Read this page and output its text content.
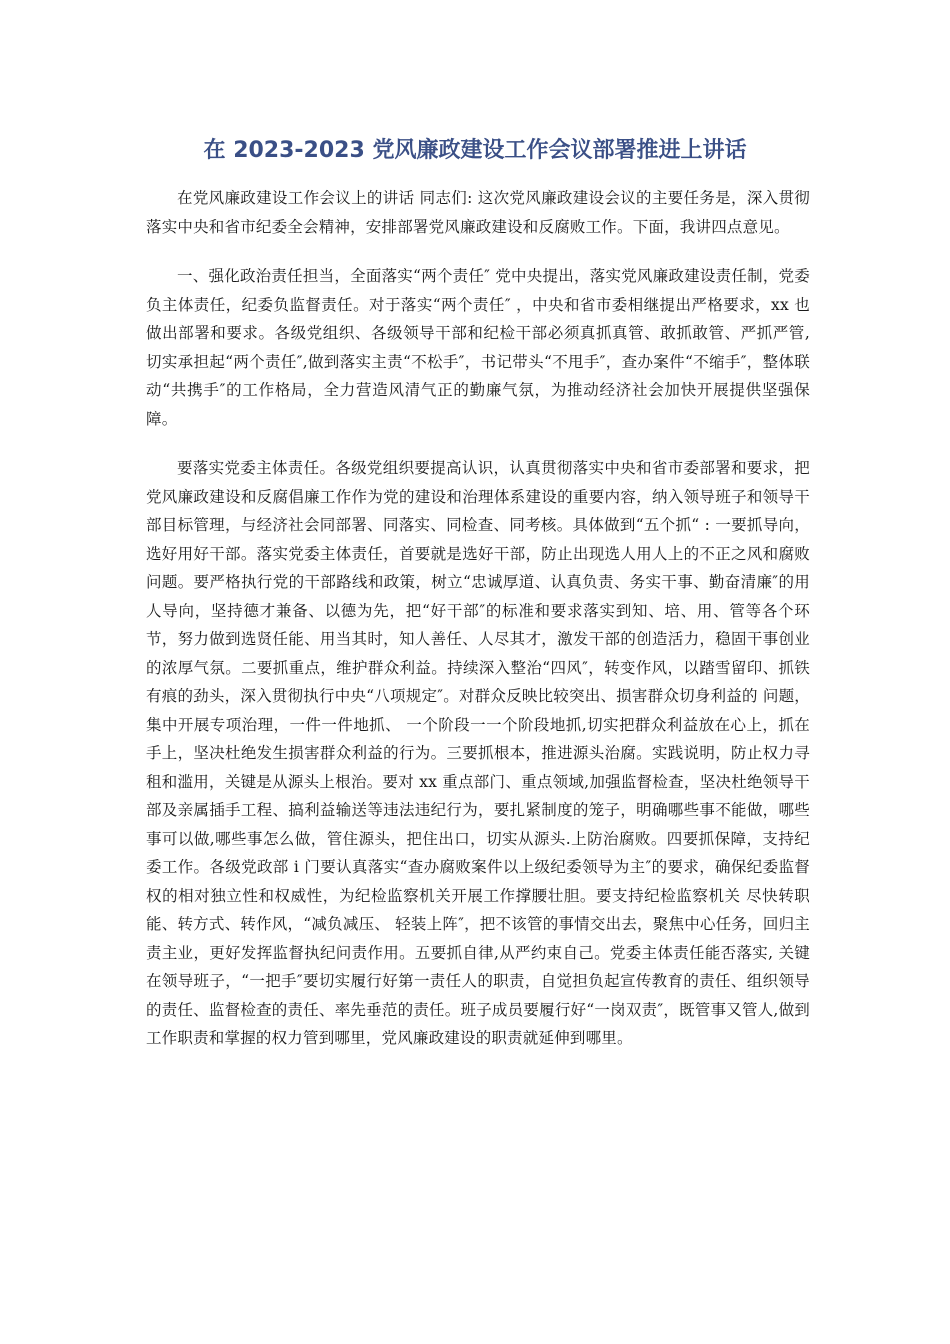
在 2023-2023 党风廉政建设工作会议部署推进上讲话

在党风廉政建设工作会议上的讲话 同志们: 这次党风廉政建设会议的主要任务是，深入贯彻落实中央和省市纪委全会精神，安排部署党风廉政建设和反腐败工作。下面，我讲四点意见。

一、强化政治责任担当，全面落实“两个责任″ 党中央提出，落实党风廉政建设责任制，党委负主体责任，纪委负监督责任。对于落实“两个责任″ ，中央和省市委相继提出严格要求，xx 也做出部署和要求。各级党组织、各级领导干部和纪检干部必须真抓真管、敢抓敢管、严抓严管,切实承担起“两个责任″,做到落实主责“不松手″，书记带头“不甩手″，查办案件“不缩手″，整体联动“共携手″的工作格局，全力营造风清气正的勤廉气氛，为推动经济社会加快开展提供坚强保障。

要落实党委主体责任。各级党组织要提高认识，认真贯彻落实中央和省市委部署和要求，把党风廉政建设和反腐倡廉工作作为党的建设和治理体系建设的重要内容，纳入领导班子和领导干部目标管理，与经济社会同部署、同落实、同检查、同考核。具体做到“五个抓“ : 一要抓导向，选好用好干部。落实党委主体责任，首要就是选好干部，防止出现选人用人上的不正之风和腐败问题。要严格执行党的干部路线和政策，树立“忠诚厚道、认真负责、务实干事、勤奋清廉″的用人导向，坚持德才兼备、以德为先，把“好干部″的标准和要求落实到知、培、用、管等各个环节，努力做到选贤任能、用当其时，知人善任、人尽其才，激发干部的创造活力，稳固干事创业的浓厚气氛。二要抓重点，维护群众利益。持续深入整治“四风″，转变作风，以踏雪留印、抓铁有痕的劲头，深入贯彻执行中央“八项规定″。对群众反映比较突出、损害群众切身利益的 问题，集中开展专项治理，一件一件地抓、 一个阶段一一个阶段地抓,切实把群众利益放在心上，抓在手上，坚决杜绝发生损害群众利益的行为。三要抓根本，推进源头治腐。实践说明，防止权力寻租和滥用，关键是从源头上根治。要对 xx 重点部门、重点领域,加强监督检查，坚决杜绝领导干部及亲属插手工程、搞利益输送等违法违纪行为，要扎紧制度的笼子，明确哪些事不能做，哪些事可以做,哪些事怎么做，管住源头，把住出口，切实从源头.上防治腐败。四要抓保障，支持纪委工作。各级党政部 i 门要认真落实“查办腐败案件以上级纪委领导为主″的要求，确保纪委监督权的相对独立性和权威性，为纪检监察机关开展工作撑腰壮胆。要支持纪检监察机关 尽快转职能、转方式、转作风，“减负减压、 轻装上阵″，把不该管的事情交出去，聚焦中心任务，回归主责主业，更好发挥监督执纪问责作用。五要抓自律,从严约束自己。党委主体责任能否落实, 关键在领导班子，“一把手″要切实履行好第一责任人的职责，自觉担负起宣传教育的责任、组织领导的责任、监督检查的责任、率先垂范的责任。班子成员要履行好“一岗双责″，既管事又管人,做到工作职责和掌握的权力管到哪里，党风廉政建设的职责就延伸到哪里。
